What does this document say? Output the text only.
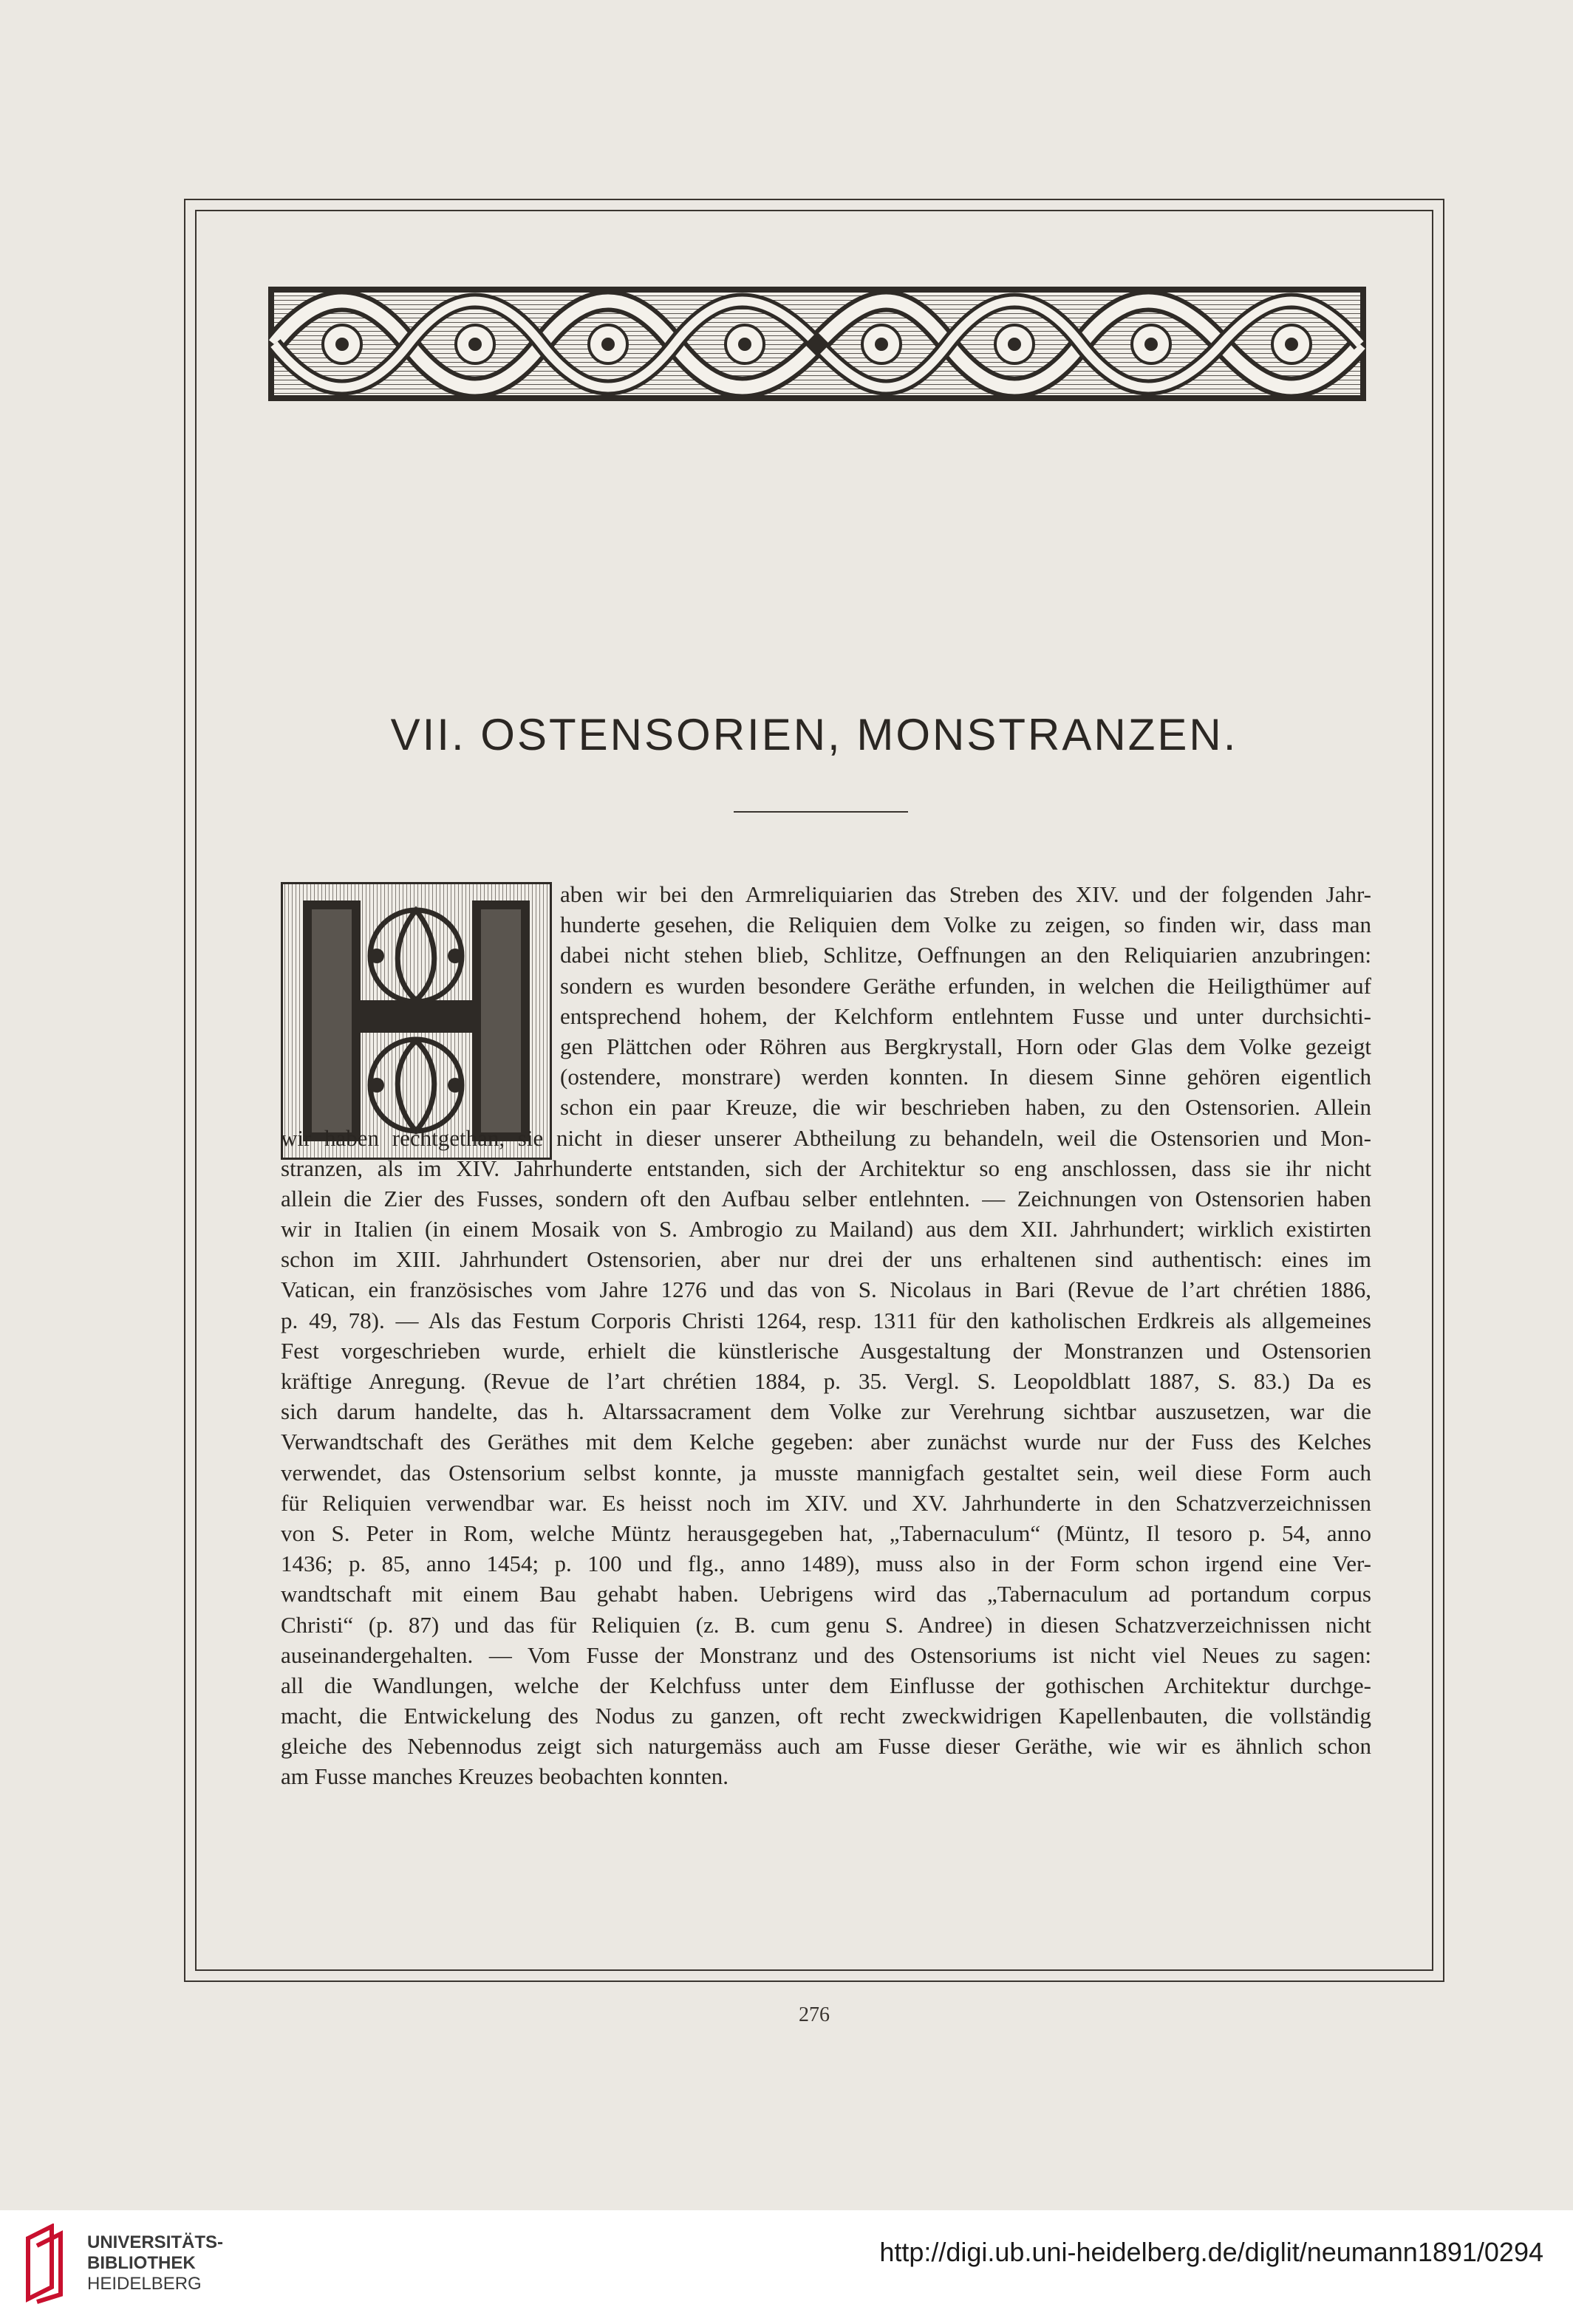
VII. OSTENSORIEN, MONSTRANZEN.
aben wir bei den Armreliquiarien das Streben des XIV. und der folgenden Jahr-
hunderte gesehen, die Reliquien dem Volke zu zeigen, so finden wir, dass man
dabei nicht stehen blieb, Schlitze, Oeffnungen an den Reliquiarien anzubringen:
sondern es wurden besondere Geräthe erfunden, in welchen die Heiligthümer auf
entsprechend hohem, der Kelchform entlehntem Fusse und unter durchsichti-
gen Plättchen oder Röhren aus Bergkrystall, Horn oder Glas dem Volke gezeigt
(ostendere, monstrare) werden konnten. In diesem Sinne gehören eigentlich
schon ein paar Kreuze, die wir beschrieben haben, zu den Ostensorien. Allein
wir haben rechtgethan, sie nicht in dieser unserer Abtheilung zu behandeln, weil die Ostensorien und Mon-
stranzen, als im XIV. Jahrhunderte entstanden, sich der Architektur so eng anschlossen, dass sie ihr nicht
allein die Zier des Fusses, sondern oft den Aufbau selber entlehnten. — Zeichnungen von Ostensorien haben
wir in Italien (in einem Mosaik von S. Ambrogio zu Mailand) aus dem XII. Jahrhundert; wirklich existirten
schon im XIII. Jahrhundert Ostensorien, aber nur drei der uns erhaltenen sind authentisch: eines im
Vatican, ein französisches vom Jahre 1276 und das von S. Nicolaus in Bari (Revue de l’art chrétien 1886,
p. 49, 78). — Als das Festum Corporis Christi 1264, resp. 1311 für den katholischen Erdkreis als allgemeines
Fest vorgeschrieben wurde, erhielt die künstlerische Ausgestaltung der Monstranzen und Ostensorien
kräftige Anregung. (Revue de l’art chrétien 1884, p. 35. Vergl. S. Leopoldblatt 1887, S. 83.) Da es
sich darum handelte, das h. Altarssacrament dem Volke zur Verehrung sichtbar auszusetzen, war die
Verwandtschaft des Geräthes mit dem Kelche gegeben: aber zunächst wurde nur der Fuss des Kelches
verwendet, das Ostensorium selbst konnte, ja musste mannigfach gestaltet sein, weil diese Form auch
für Reliquien verwendbar war. Es heisst noch im XIV. und XV. Jahrhunderte in den Schatzverzeichnissen
von S. Peter in Rom, welche Müntz herausgegeben hat, „Tabernaculum“ (Müntz, Il tesoro p. 54, anno
1436; p. 85, anno 1454; p. 100 und flg., anno 1489), muss also in der Form schon irgend eine Ver-
wandtschaft mit einem Bau gehabt haben. Uebrigens wird das „Tabernaculum ad portandum corpus
Christi“ (p. 87) und das für Reliquien (z. B. cum genu S. Andree) in diesen Schatzverzeichnissen nicht
auseinandergehalten. — Vom Fusse der Monstranz und des Ostensoriums ist nicht viel Neues zu sagen:
all die Wandlungen, welche der Kelchfuss unter dem Einflusse der gothischen Architektur durchge-
macht, die Entwickelung des Nodus zu ganzen, oft recht zweckwidrigen Kapellenbauten, die vollständig
gleiche des Nebennodus zeigt sich naturgemäss auch am Fusse dieser Geräthe, wie wir es ähnlich schon
am Fusse manches Kreuzes beobachten konnten.
276
UNIVERSITÄTS-
BIBLIOTHEK
HEIDELBERG
http://digi.ub.uni-heidelberg.de/diglit/neumann1891/0294
